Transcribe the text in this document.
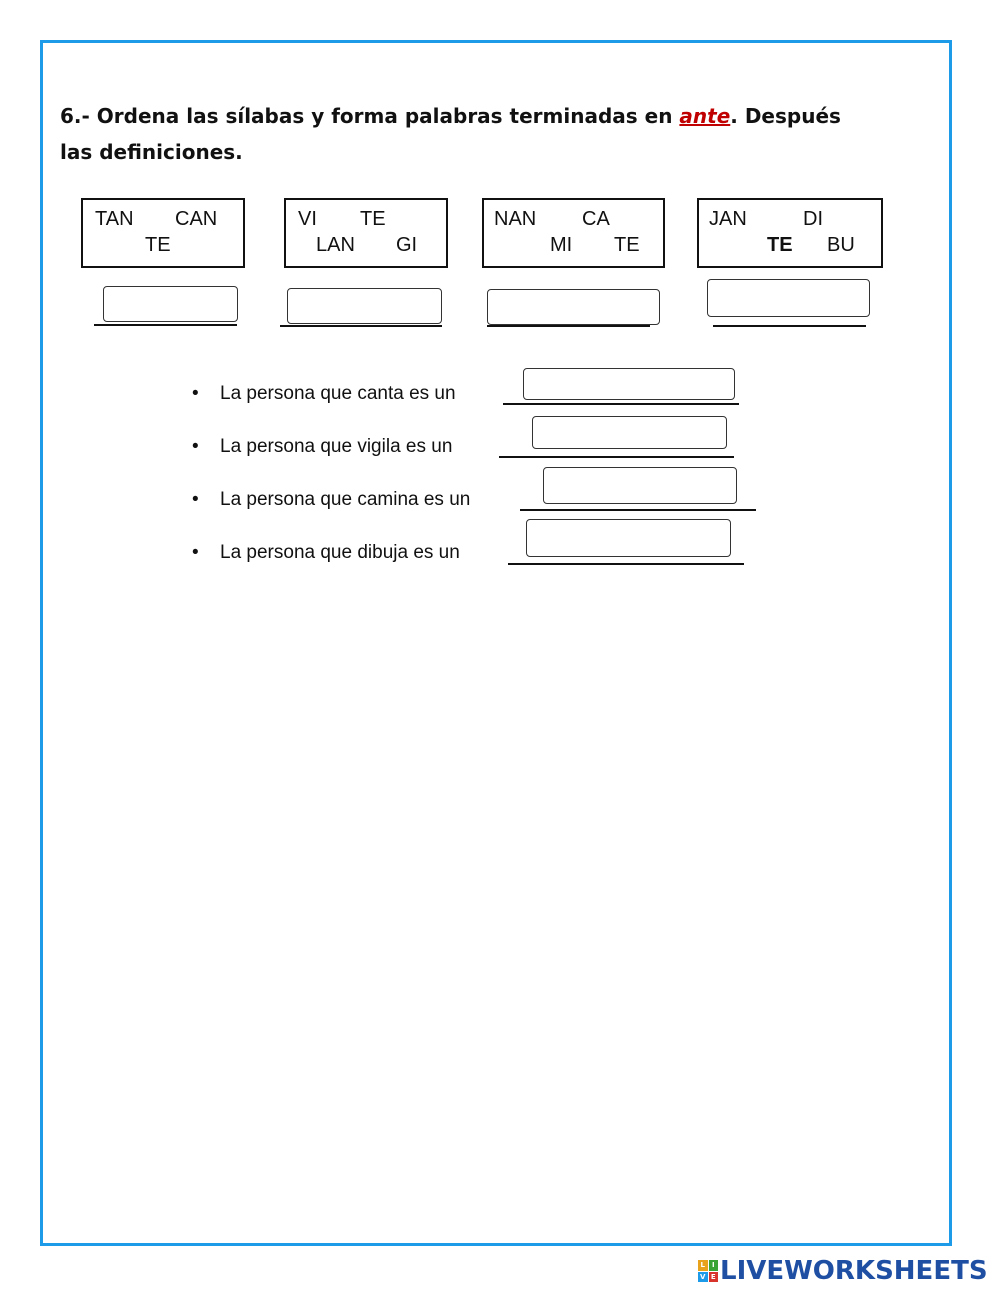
6.- Ordena las sílabas y forma palabras terminadas en ante. Después las definiciones.
TAN CAN
TE
VI TE
LAN GI
NAN CA
MI TE
JAN	DI
TE BU
• La persona que canta es un
• La persona que vigila es un
• La persona que camina es un
• La persona que dibuja es un
L I
V E LIVEWORKSHEETS
